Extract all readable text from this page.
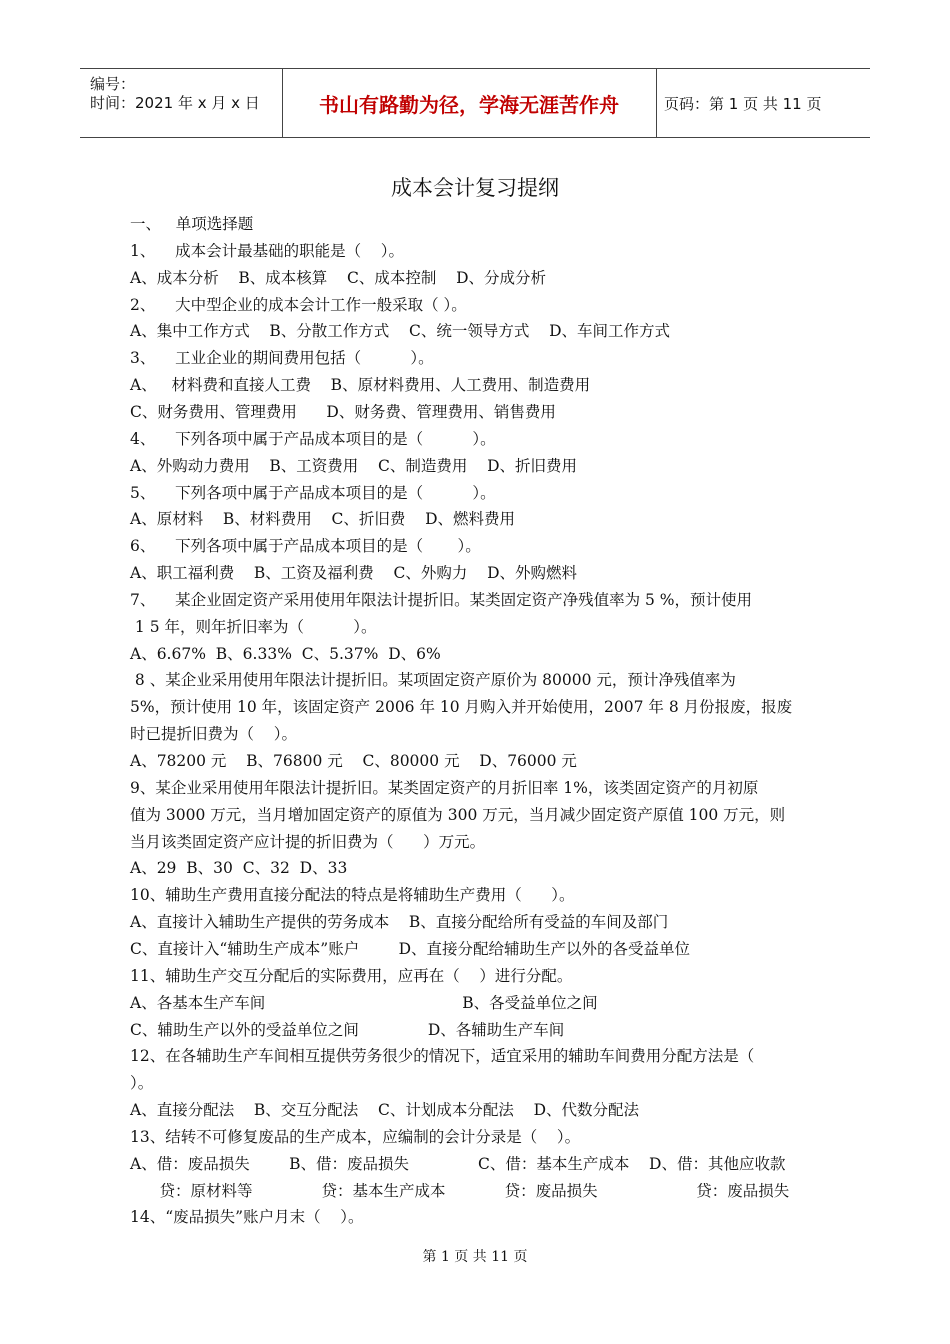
编号：
时间：2021 年 x 月 x 日	书山有路勤为径，学海无涯苦作舟	页码：第 1 页 共 11 页
成本会计复习提纲
一、   单项选择题
1、    成本会计最基础的职能是（    ）。
A、成本分析    B、成本核算    C、成本控制    D、分成分析
2、    大中型企业的成本会计工作一般采取（ ）。
A、集中工作方式    B、分散工作方式    C、统一领导方式    D、车间工作方式
3、    工业企业的期间费用包括（          ）。
A、   材料费和直接人工费    B、原材料费用、人工费用、制造费用
C、财务费用、管理费用      D、财务费、管理费用、销售费用
4、    下列各项中属于产品成本项目的是（          ）。
A、外购动力费用    B、工资费用    C、制造费用    D、折旧费用
5、    下列各项中属于产品成本项目的是（          ）。
A、原材料    B、材料费用    C、折旧费    D、燃料费用
6、    下列各项中属于产品成本项目的是（       ）。
A、职工福利费    B、工资及福利费    C、外购力    D、外购燃料
7、    某企业固定资产采用使用年限法计提折旧。某类固定资产净残值率为 5 %，预计使用
1 5 年，则年折旧率为（          ）。
A、6.67%  B、6.33%  C、5.37%  D、6%
8 、某企业采用使用年限法计提折旧。某项固定资产原价为 80000 元，预计净残值率为
5%，预计使用 10 年，该固定资产 2006 年 10 月购入并开始使用，2007 年 8 月份报废，报废
时已提折旧费为（    ）。
A、78200 元    B、76800 元    C、80000 元    D、76000 元
9、某企业采用使用年限法计提折旧。某类固定资产的月折旧率 1%，该类固定资产的月初原
值为 3000 万元，当月增加固定资产的原值为 300 万元，当月减少固定资产原值 100 万元，则
当月该类固定资产应计提的折旧费为（      ）万元。
A、29  B、30  C、32  D、33
10、辅助生产费用直接分配法的特点是将辅助生产费用（      ）。
A、直接计入辅助生产提供的劳务成本    B、直接分配给所有受益的车间及部门
C、直接计入“辅助生产成本”账户        D、直接分配给辅助生产以外的各受益单位
11、辅助生产交互分配后的实际费用，应再在（    ）进行分配。
A、各基本生产车间                                        B、各受益单位之间
C、辅助生产以外的受益单位之间              D、各辅助生产车间
12、在各辅助生产车间相互提供劳务很少的情况下，适宜采用的辅助车间费用分配方法是（
）。
A、直接分配法    B、交互分配法    C、计划成本分配法    D、代数分配法
13、结转不可修复废品的生产成本，应编制的会计分录是（    ）。
A、借：废品损失        B、借：废品损失              C、借：基本生产成本    D、借：其他应收款
贷：原材料等              贷：基本生产成本            贷：废品损失                    贷：废品损失
14、“废品损失”账户月末（    ）。
第 1 页 共 11 页
